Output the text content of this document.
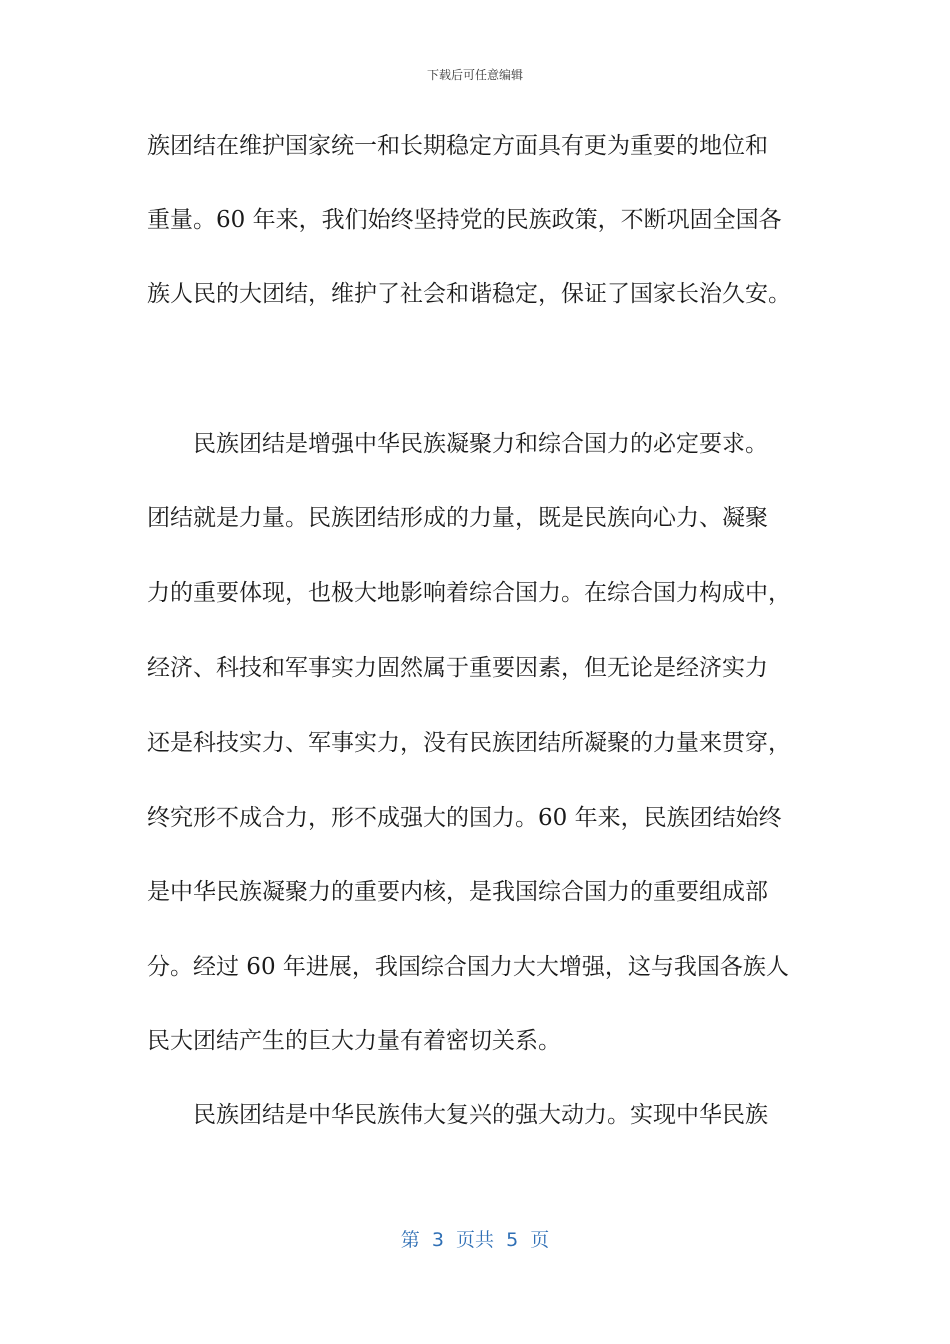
下载后可任意编辑
族团结在维护国家统一和长期稳定方面具有更为重要的地位和
重量。60 年来，我们始终坚持党的民族政策，不断巩固全国各
族人民的大团结，维护了社会和谐稳定，保证了国家长治久安。
　　民族团结是增强中华民族凝聚力和综合国力的必定要求。
团结就是力量。民族团结形成的力量，既是民族向心力、凝聚
力的重要体现，也极大地影响着综合国力。在综合国力构成中，
经济、科技和军事实力固然属于重要因素，但无论是经济实力
还是科技实力、军事实力，没有民族团结所凝聚的力量来贯穿，
终究形不成合力，形不成强大的国力。60 年来，民族团结始终
是中华民族凝聚力的重要内核，是我国综合国力的重要组成部
分。经过 60 年进展，我国综合国力大大增强，这与我国各族人
民大团结产生的巨大力量有着密切关系。
　　民族团结是中华民族伟大复兴的强大动力。实现中华民族
第  3  页共  5  页
